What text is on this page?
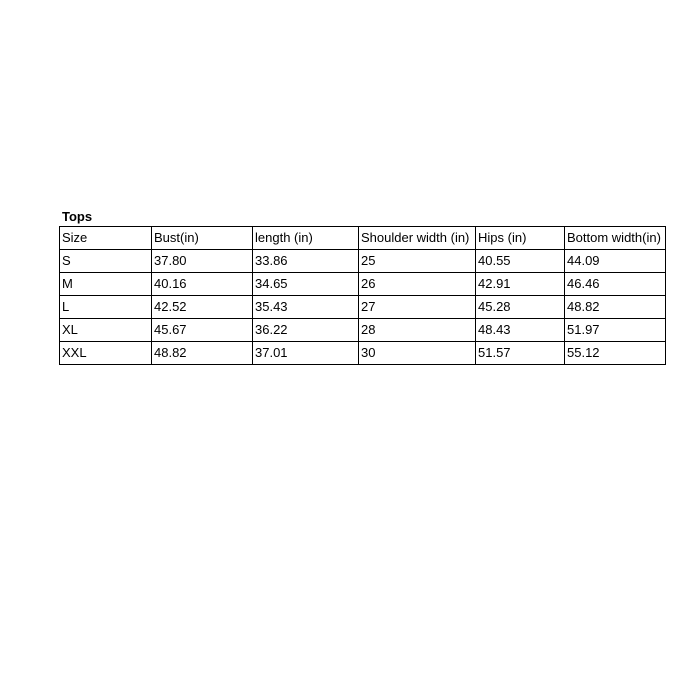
Tops
Size	Bust(in)	length (in)	Shoulder width (in)	Hips (in)	Bottom width(in)
S	37.80	33.86	25	40.55	44.09
M	40.16	34.65	26	42.91	46.46
L	42.52	35.43	27	45.28	48.82
XL	45.67	36.22	28	48.43	51.97
XXL	48.82	37.01	30	51.57	55.12
